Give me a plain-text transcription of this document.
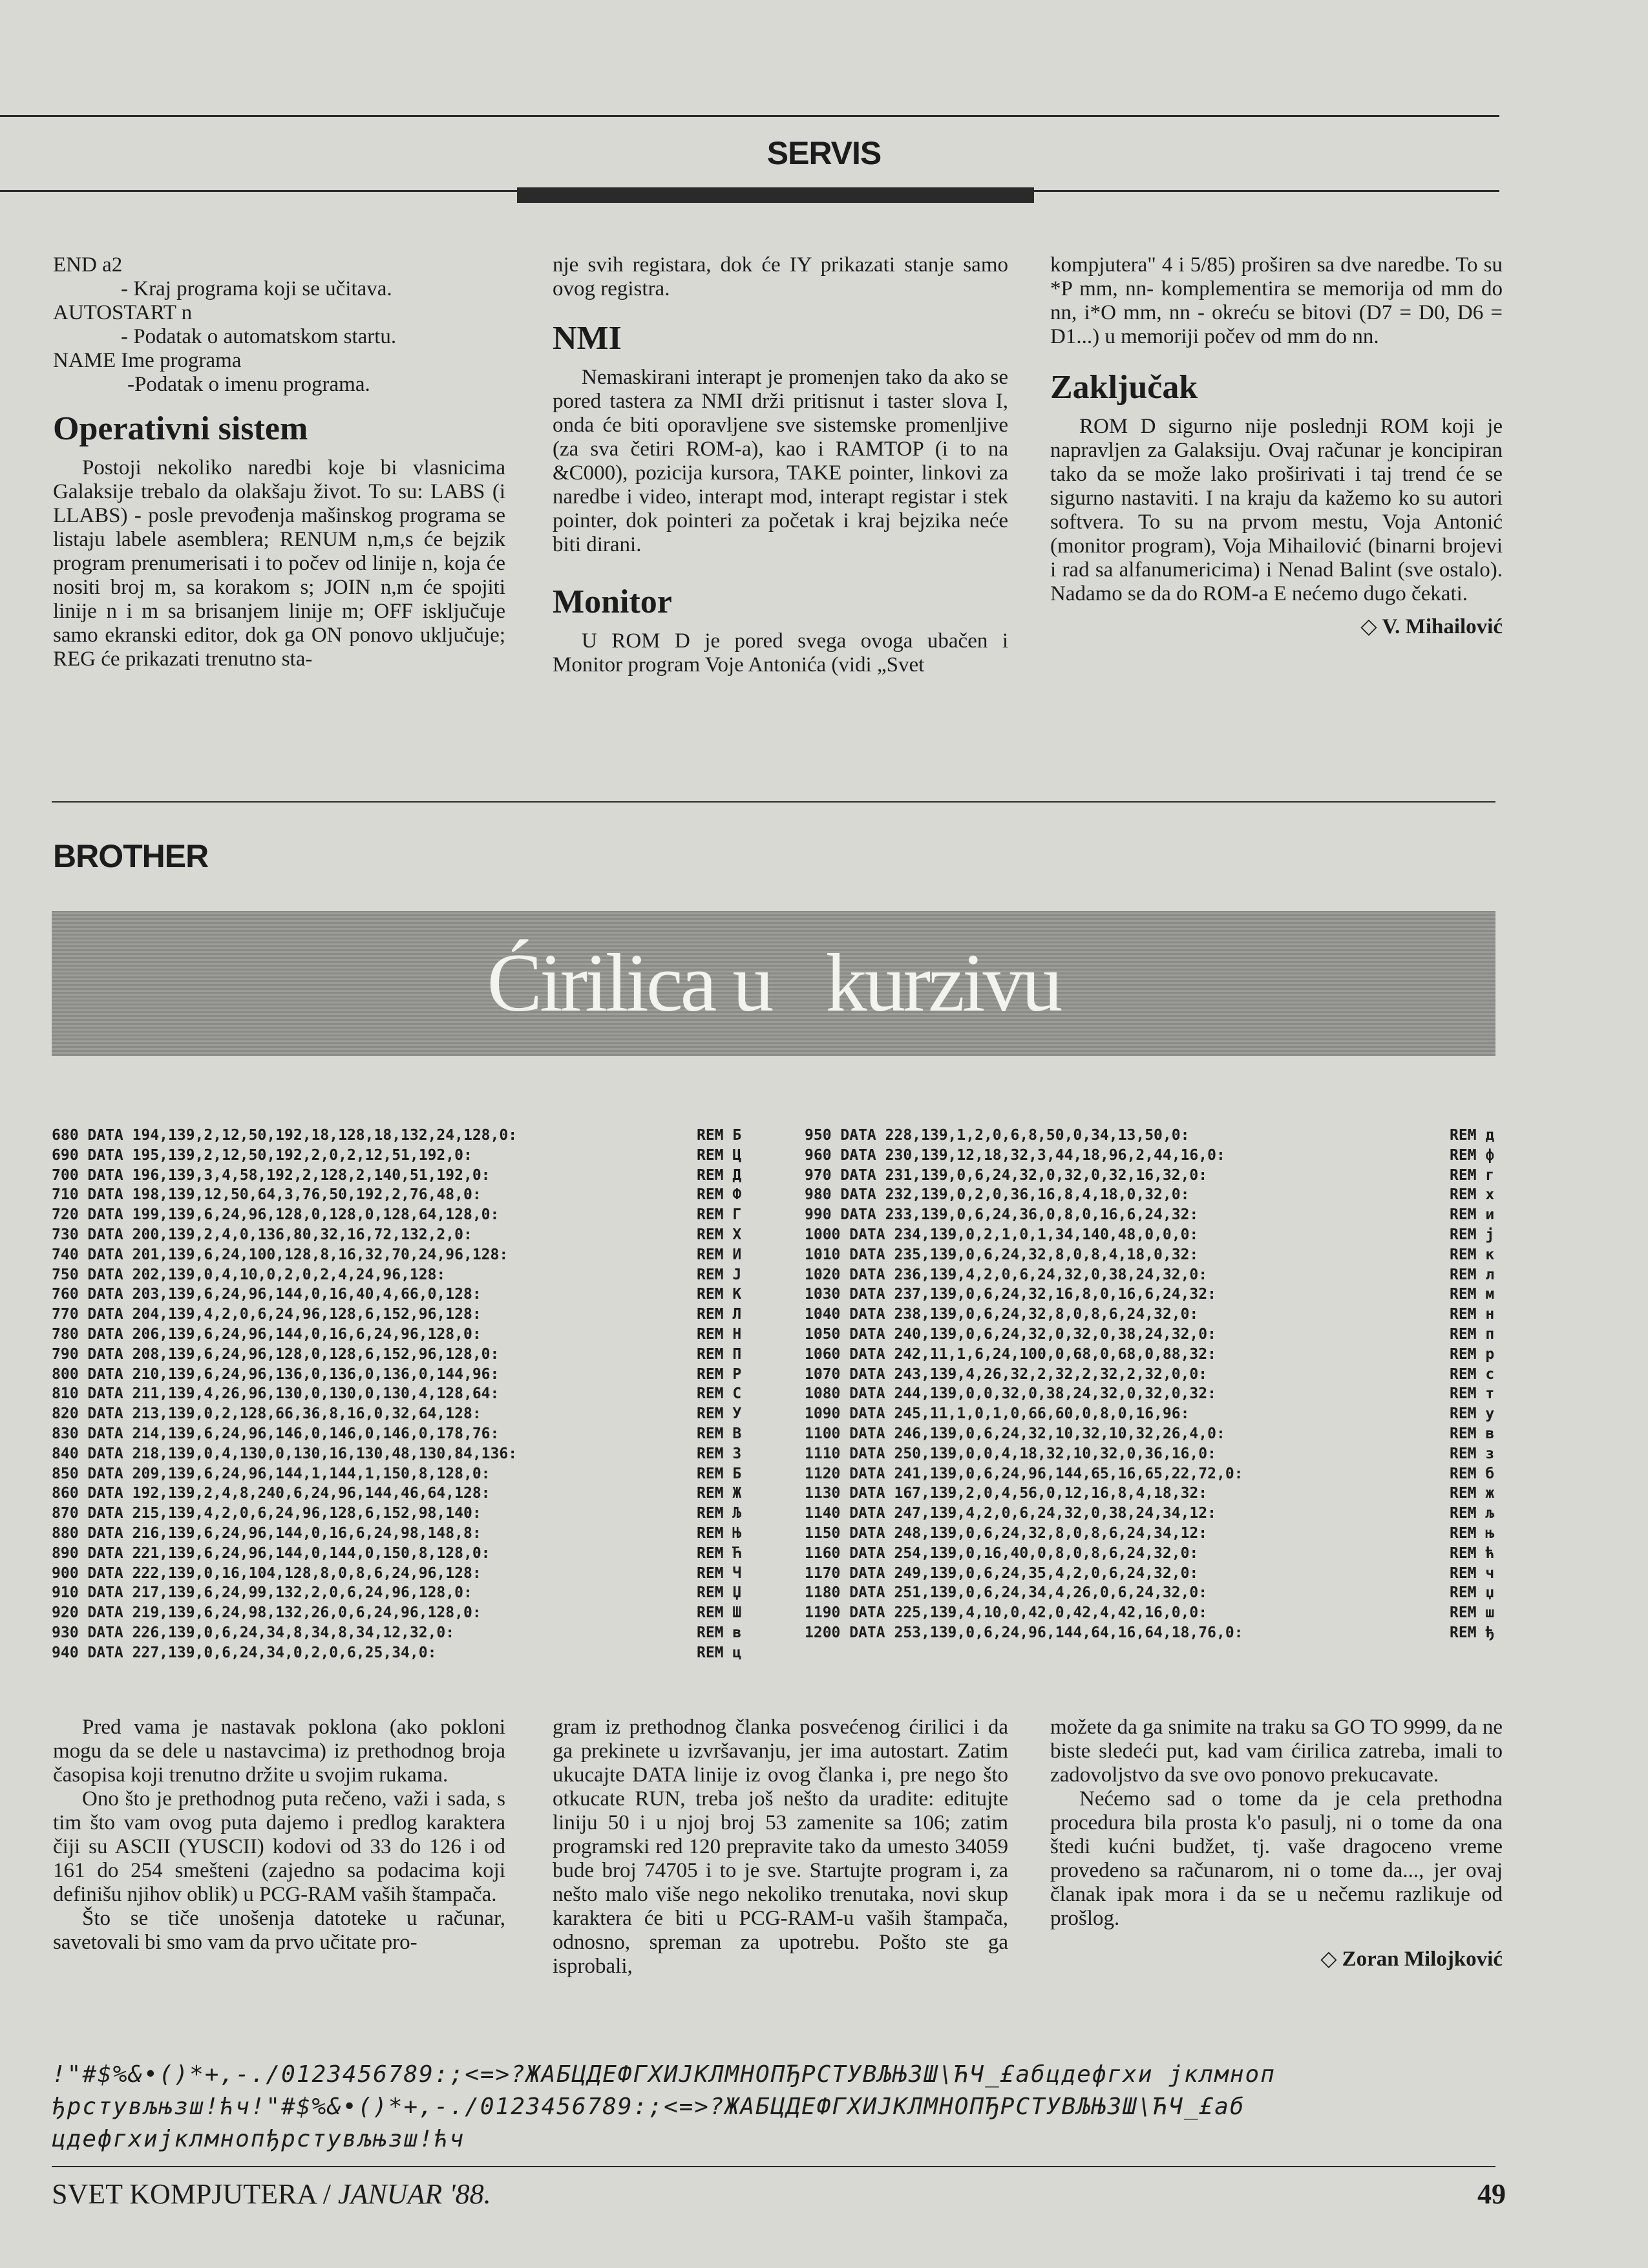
SERVIS
END a2
- Kraj programa koji se učitava.
AUTOSTART n
- Podatak o automatskom startu.
NAME Ime programa
-Podatak o imenu programa.
Operativni sistem

Postoji nekoliko naredbi koje bi vlasnicima Galaksije trebalo da olakšaju život. To su: LABS (i LLABS) - posle prevođenja mašinskog programa se listaju labele asemblera; RENUM n,m,s će bejzik program prenumerisati i to počev od linije n, koja će nositi broj m, sa korakom s; JOIN n,m će spojiti linije n i m sa brisanjem linije m; OFF isključuje samo ekranski editor, dok ga ON ponovo uključuje; REG će prikazati trenutno sta-

nje svih registara, dok će IY prikazati stanje samo ovog registra.

NMI

Nemaskirani interapt je promenjen tako da ako se pored tastera za NMI drži pritisnut i taster slova I, onda će biti oporavljene sve sistemske promenljive (za sva četiri ROM-a), kao i RAMTOP (i to na &C000), pozicija kursora, TAKE pointer, linkovi za naredbe i video, interapt mod, interapt registar i stek pointer, dok pointeri za početak i kraj bejzika neće biti dirani.

Monitor

U ROM D je pored svega ovoga ubačen i Monitor program Voje Antonića (vidi „Svet

kompjutera" 4 i 5/85) proširen sa dve naredbe. To su *P mm, nn- komplementira se memorija od mm do nn, i*O mm, nn - okreću se bitovi (D7 = D0, D6 = D1...) u memoriji počev od mm do nn.

Zaključak

ROM D sigurno nije poslednji ROM koji je napravljen za Galaksiju. Ovaj računar je koncipiran tako da se može lako proširivati i taj trend će se sigurno nastaviti. I na kraju da kažemo ko su autori softvera. To su na prvom mestu, Voja Antonić (monitor program), Voja Mihailović (binarni brojevi i rad sa alfanumericima) i Nenad Balint (sve ostalo). Nadamo se da do ROM-a E nećemo dugo čekati.

◇ V. Mihailović
BROTHER
Ćirilica u   kurzivu
680 DATA 194,139,2,12,50,192,18,128,18,132,24,128,0:	REM Б
690 DATA 195,139,2,12,50,192,2,0,2,12,51,192,0:	REM Ц
700 DATA 196,139,3,4,58,192,2,128,2,140,51,192,0:	REM Д
710 DATA 198,139,12,50,64,3,76,50,192,2,76,48,0:	REM Ф
720 DATA 199,139,6,24,96,128,0,128,0,128,64,128,0:	REM Г
730 DATA 200,139,2,4,0,136,80,32,16,72,132,2,0:	REM Х
740 DATA 201,139,6,24,100,128,8,16,32,70,24,96,128:	REM И
750 DATA 202,139,0,4,10,0,2,0,2,4,24,96,128:	REM J
760 DATA 203,139,6,24,96,144,0,16,40,4,66,0,128:	REM К
770 DATA 204,139,4,2,0,6,24,96,128,6,152,96,128:	REM Л
780 DATA 206,139,6,24,96,144,0,16,6,24,96,128,0:	REM Н
790 DATA 208,139,6,24,96,128,0,128,6,152,96,128,0:	REM П
800 DATA 210,139,6,24,96,136,0,136,0,136,0,144,96:	REM Р
810 DATA 211,139,4,26,96,130,0,130,0,130,4,128,64:	REM С
820 DATA 213,139,0,2,128,66,36,8,16,0,32,64,128:	REM У
830 DATA 214,139,6,24,96,146,0,146,0,146,0,178,76:	REM В
840 DATA 218,139,0,4,130,0,130,16,130,48,130,84,136:	REM З
850 DATA 209,139,6,24,96,144,1,144,1,150,8,128,0:	REM Б
860 DATA 192,139,2,4,8,240,6,24,96,144,46,64,128:	REM Ж
870 DATA 215,139,4,2,0,6,24,96,128,6,152,98,140:	REM Љ
880 DATA 216,139,6,24,96,144,0,16,6,24,98,148,8:	REM Њ
890 DATA 221,139,6,24,96,144,0,144,0,150,8,128,0:	REM Ћ
900 DATA 222,139,0,16,104,128,8,0,8,6,24,96,128:	REM Ч
910 DATA 217,139,6,24,99,132,2,0,6,24,96,128,0:	REM Џ
920 DATA 219,139,6,24,98,132,26,0,6,24,96,128,0:	REM Ш
930 DATA 226,139,0,6,24,34,8,34,8,34,12,32,0:	REM в
940 DATA 227,139,0,6,24,34,0,2,0,6,25,34,0:	REM ц
950 DATA 228,139,1,2,0,6,8,50,0,34,13,50,0:	REM д
960 DATA 230,139,12,18,32,3,44,18,96,2,44,16,0:	REM ф
970 DATA 231,139,0,6,24,32,0,32,0,32,16,32,0:	REM г
980 DATA 232,139,0,2,0,36,16,8,4,18,0,32,0:	REM х
990 DATA 233,139,0,6,24,36,0,8,0,16,6,24,32:	REM и
1000 DATA 234,139,0,2,1,0,1,34,140,48,0,0,0:	REM j
1010 DATA 235,139,0,6,24,32,8,0,8,4,18,0,32:	REM к
1020 DATA 236,139,4,2,0,6,24,32,0,38,24,32,0:	REM л
1030 DATA 237,139,0,6,24,32,16,8,0,16,6,24,32:	REM м
1040 DATA 238,139,0,6,24,32,8,0,8,6,24,32,0:	REM н
1050 DATA 240,139,0,6,24,32,0,32,0,38,24,32,0:	REM п
1060 DATA 242,11,1,6,24,100,0,68,0,68,0,88,32:	REM р
1070 DATA 243,139,4,26,32,2,32,2,32,2,32,0,0:	REM с
1080 DATA 244,139,0,0,32,0,38,24,32,0,32,0,32:	REM т
1090 DATA 245,11,1,0,1,0,66,60,0,8,0,16,96:	REM у
1100 DATA 246,139,0,6,24,32,10,32,10,32,26,4,0:	REM в
1110 DATA 250,139,0,0,4,18,32,10,32,0,36,16,0:	REM з
1120 DATA 241,139,0,6,24,96,144,65,16,65,22,72,0:	REM б
1130 DATA 167,139,2,0,4,56,0,12,16,8,4,18,32:	REM ж
1140 DATA 247,139,4,2,0,6,24,32,0,38,24,34,12:	REM љ
1150 DATA 248,139,0,6,24,32,8,0,8,6,24,34,12:	REM њ
1160 DATA 254,139,0,16,40,0,8,0,8,6,24,32,0:	REM ћ
1170 DATA 249,139,0,6,24,35,4,2,0,6,24,32,0:	REM ч
1180 DATA 251,139,0,6,24,34,4,26,0,6,24,32,0:	REM џ
1190 DATA 225,139,4,10,0,42,0,42,4,42,16,0,0:	REM ш
1200 DATA 253,139,0,6,24,96,144,64,16,64,18,76,0:	REM ђ

Pred vama je nastavak poklona (ako pokloni mogu da se dele u nastavcima) iz prethodnog broja časopisa koji trenutno držite u svojim rukama.

Ono što je prethodnog puta rečeno, važi i sada, s tim što vam ovog puta dajemo i predlog karaktera čiji su ASCII (YUSCII) kodovi od 33 do 126 i od 161 do 254 smešteni (zajedno sa podacima koji definišu njihov oblik) u PCG-RAM vaših štampača.

Što se tiče unošenja datoteke u računar, savetovali bi smo vam da prvo učitate pro-

gram iz prethodnog članka posvećenog ćirilici i da ga prekinete u izvršavanju, jer ima autostart. Zatim ukucajte DATA linije iz ovog članka i, pre nego što otkucate RUN, treba još nešto da uradite: editujte liniju 50 i u njoj broj 53 zamenite sa 106; zatim programski red 120 prepravite tako da umesto 34059 bude broj 74705 i to je sve. Startujte program i, za nešto malo više nego nekoliko trenutaka, novi skup karaktera će biti u PCG-RAM-u vaših štampača, odnosno, spreman za upotrebu. Pošto ste ga isprobali,

možete da ga snimite na traku sa GO TO 9999, da ne biste sledeći put, kad vam ćirilica zatreba, imali to zadovoljstvo da sve ovo ponovo prekucavate.

Nećemo sad o tome da je cela prethodna procedura bila prosta k'o pasulj, ni o tome da ona štedi kućni budžet, tj. vaše dragoceno vreme provedeno sa računarom, ni o tome da..., jer ovaj članak ipak mora i da se u nečemu razlikuje od prošlog.

◇ Zoran Milojković
!"#$%&•()*+,-./0123456789:;<=>?ЖАБЦДЕФГХИJКЛМНОПЂРСТУВЉЊЗШ\ЋЧ_£абцдефгхи jклмноп
ђрстувљњзш!ћч!"#$%&•()*+,-./0123456789:;<=>?ЖАБЦДЕФГХИJКЛМНОПЂРСТУВЉЊЗШ\ЋЧ_£аб
цдефгхиjклмнопђрстувљњзш!ћч
SVET KOMPJUTERA / JANUAR '88.	49
